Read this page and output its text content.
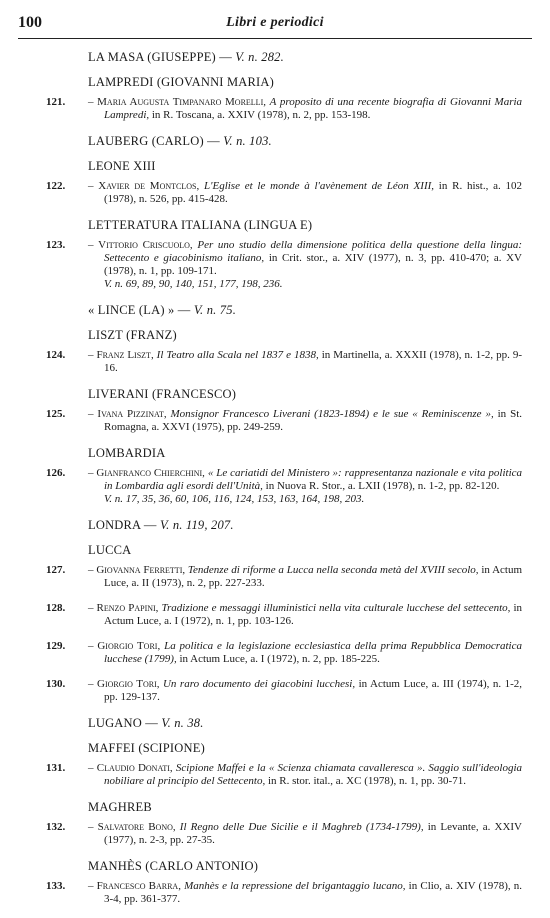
100	Libri e periodici
LA MASA (GIUSEPPE) — V. n. 282.
LAMPREDI (GIOVANNI MARIA)
121. – Maria Augusta Timpanaro Morelli, A proposito di una recente biografia di Giovanni Maria Lampredi, in R. Toscana, a. XXIV (1978), n. 2, pp. 153-198.
LAUBERG (CARLO) — V. n. 103.
LEONE XIII
122. – Xavier de Montclos, L'Eglise et le monde à l'avènement de Léon XIII, in R. hist., a. 102 (1978), n. 526, pp. 415-428.
LETTERATURA ITALIANA (LINGUA E)
123. – Vittorio Criscuolo, Per uno studio della dimensione politica della questione della lingua: Settecento e giacobinismo italiano, in Crit. stor., a. XIV (1977), n. 3, pp. 410-470; a. XV (1978), n. 1, pp. 109-171.
V. n. 69, 89, 90, 140, 151, 177, 198, 236.
« LINCE (LA) » — V. n. 75.
LISZT (FRANZ)
124. – Franz Liszt, Il Teatro alla Scala nel 1837 e 1838, in Martinella, a. XXXII (1978), n. 1-2, pp. 9-16.
LIVERANI (FRANCESCO)
125. – Ivana Pizzinat, Monsignor Francesco Liverani (1823-1894) e le sue « Reminiscenze », in St. Romagna, a. XXVI (1975), pp. 249-259.
LOMBARDIA
126. – Gianfranco Chierchini, « Le cariatidi del Ministero »: rappresentanza nazionale e vita politica in Lombardia agli esordi dell'Unità, in Nuova R. Stor., a. LXII (1978), n. 1-2, pp. 82-120.
V. n. 17, 35, 36, 60, 106, 116, 124, 153, 163, 164, 198, 203.
LONDRA — V. n. 119, 207.
LUCCA
127. – Giovanna Ferretti, Tendenze di riforme a Lucca nella seconda metà del XVIII secolo, in Actum Luce, a. II (1973), n. 2, pp. 227-233.
128. – Renzo Papini, Tradizione e messaggi illuministici nella vita culturale lucchese del settecento, in Actum Luce, a. I (1972), n. 1, pp. 103-126.
129. – Giorgio Tori, La politica e la legislazione ecclesiastica della prima Repubblica Democratica lucchese (1799), in Actum Luce, a. I (1972), n. 2, pp. 185-225.
130. – Giorgio Tori, Un raro documento dei giacobini lucchesi, in Actum Luce, a. III (1974), n. 1-2, pp. 129-137.
LUGANO — V. n. 38.
MAFFEI (SCIPIONE)
131. – Claudio Donati, Scipione Maffei e la « Scienza chiamata cavalleresca ». Saggio sull'ideologia nobiliare al principio del Settecento, in R. stor. ital., a. XC (1978), n. 1, pp. 30-71.
MAGHREB
132. – Salvatore Bono, Il Regno delle Due Sicilie e il Maghreb (1734-1799), in Levante, a. XXIV (1977), n. 2-3, pp. 27-35.
MANHÈS (CARLO ANTONIO)
133. – Francesco Barra, Manhès e la repressione del brigantaggio lucano, in Clio, a. XIV (1978), n. 3-4, pp. 361-377.
